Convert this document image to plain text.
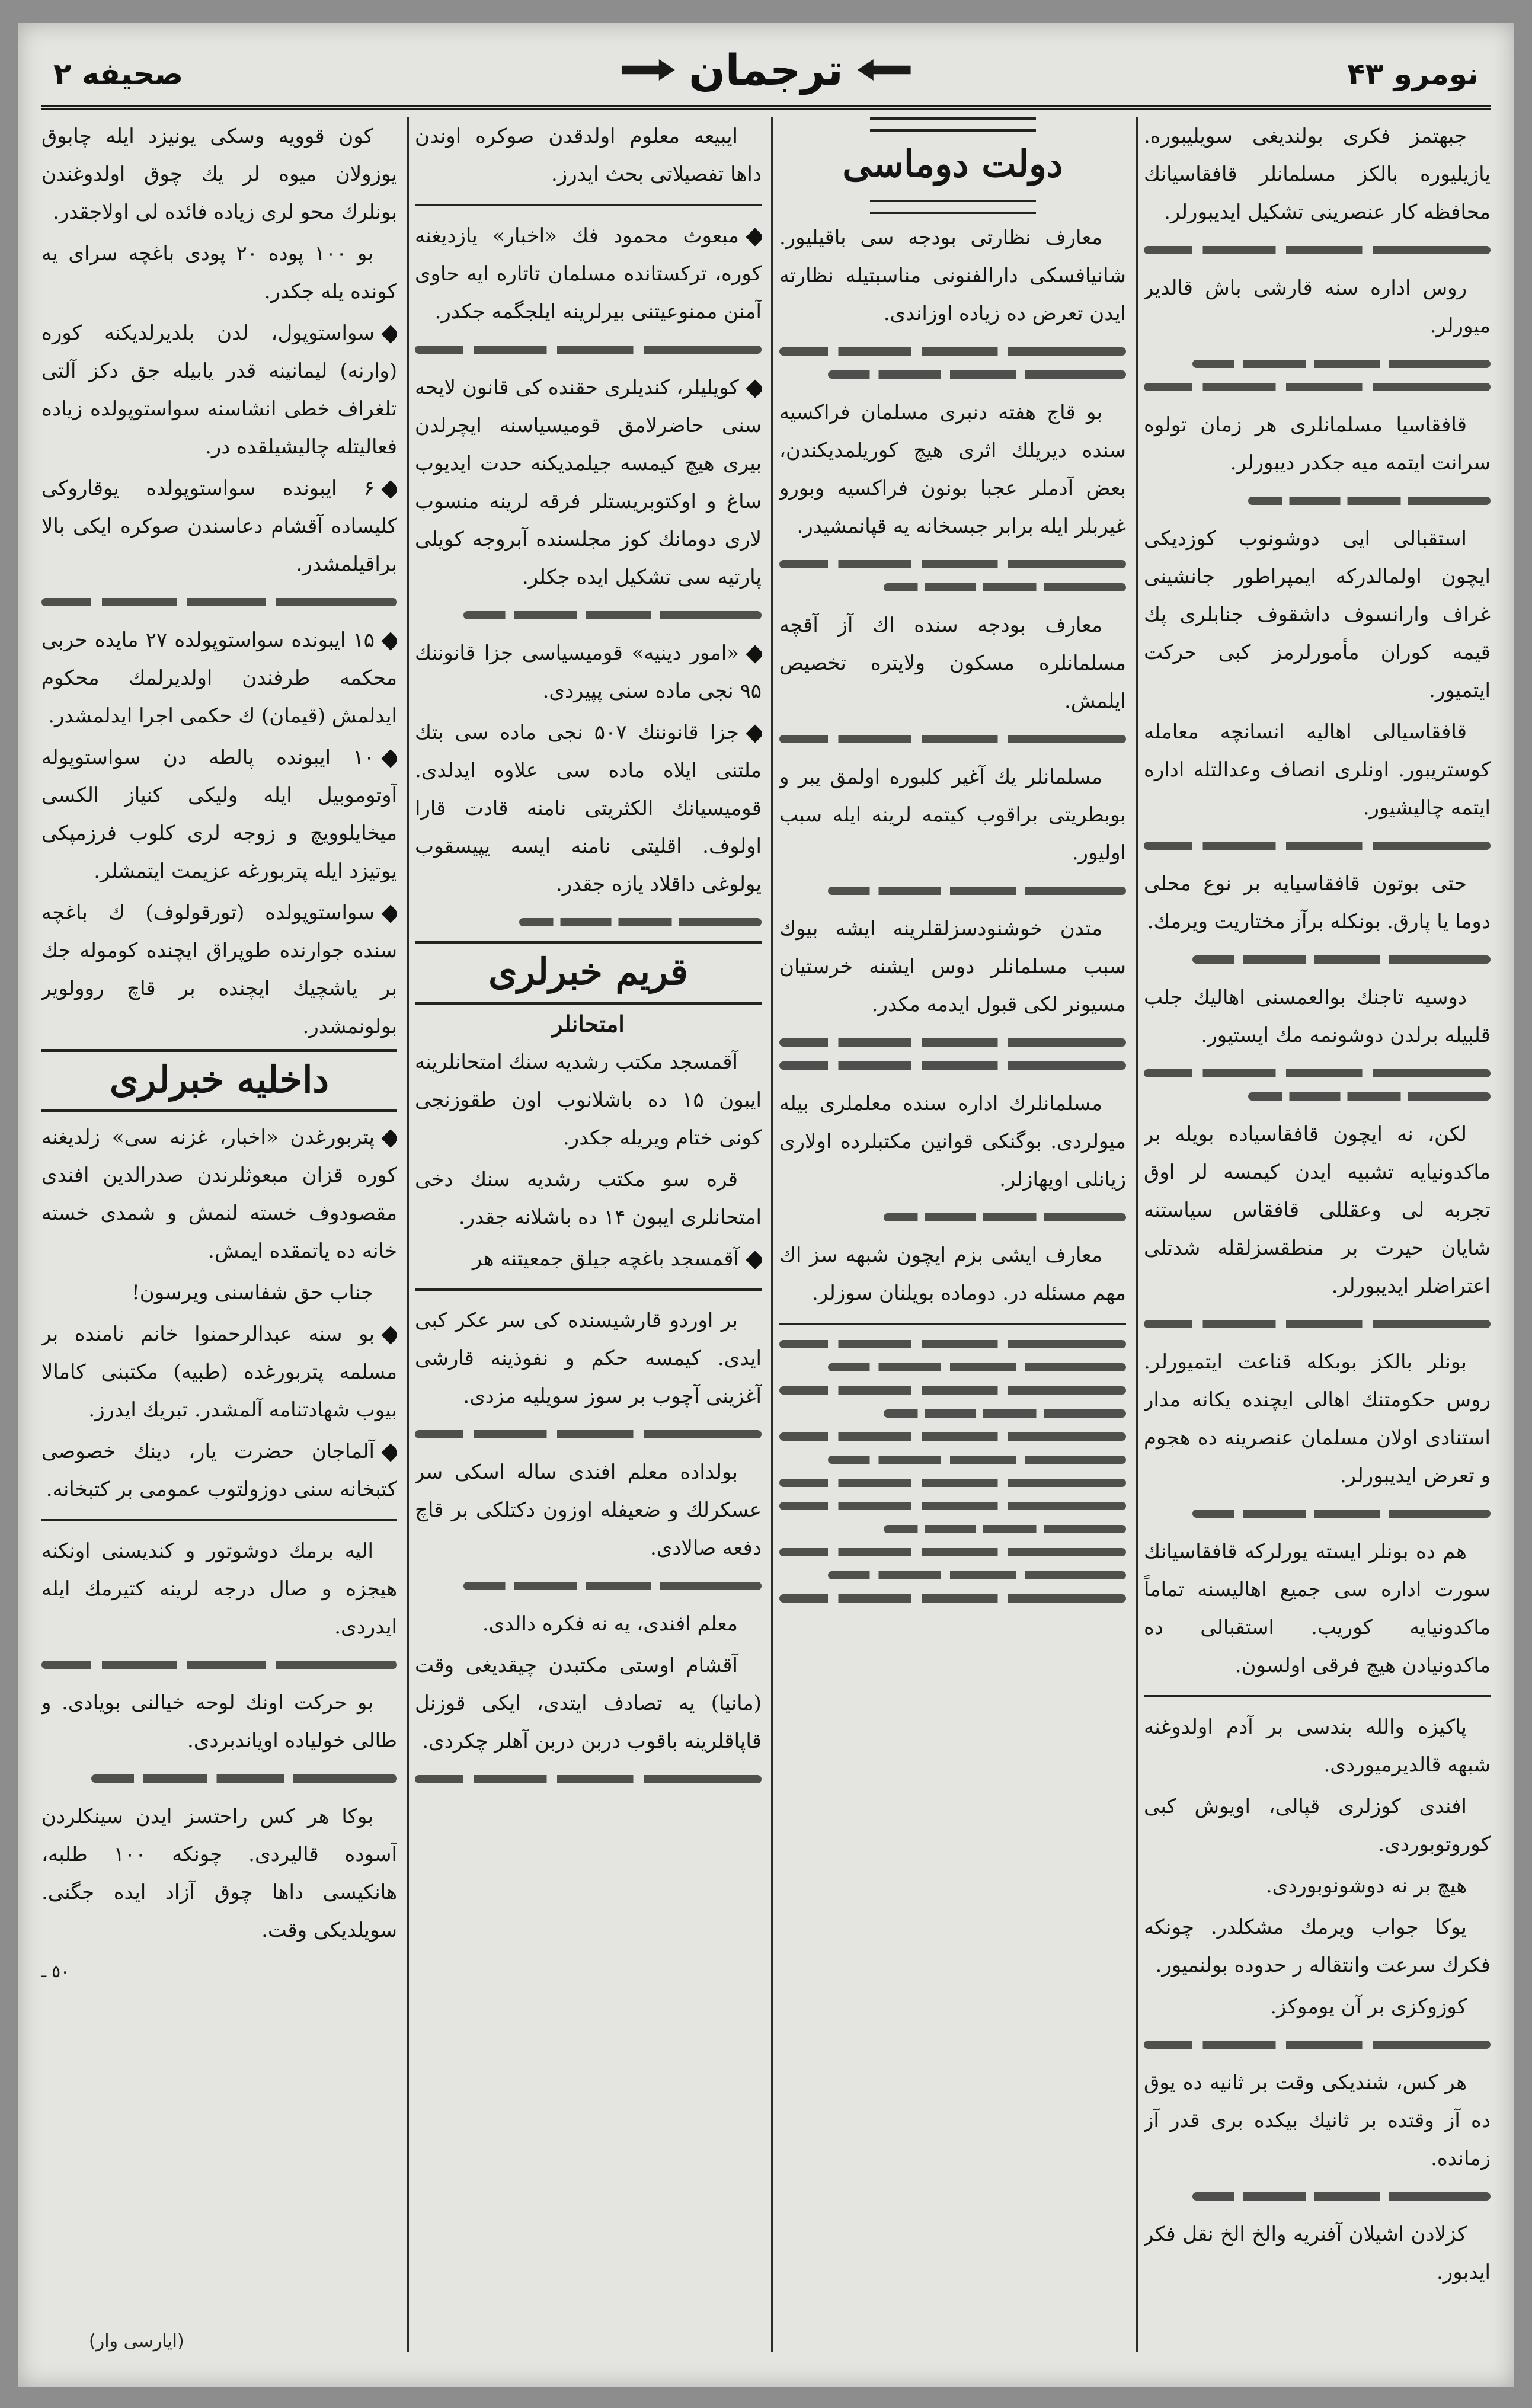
نومرو ۴۳
ترجمان
صحيفه ۲

جبهتمز فكرى بولنديغى سويليبوره. يازيليوره بالكز مسلمانلر قافقاسيانك محافظه كار عنصرينى تشكيل ايديبورلر.

روس اداره سنه قارشى باش قالدير ميورلر.

قافقاسيا مسلمانلرى هر زمان تولوه سرانت ايتمه ميه جكدر ديبورلر.

استقبالى ايى دوشونوب كوزديكى ايچون اولمالدركه ايمپراطور جانشينى غراف وارانسوف داشقوف جنابلرى پك قيمه كوران مأمورلرمز كبى حركت ايتميور.

قافقاسيالى اهاليه انسانچه معامله كوستريبور. اونلرى انصاف وعدالتله اداره ايتمه چاليشيور.

حتى بوتون قافقاسيايه بر نوع محلى دوما يا پارق. بونكله برآز مختاريت ويرمك.

دوسيه تاجنك بوالعمسنى اهاليك جلب قلبيله برلدن دوشونمه مك ايستيور.

لكن، نه ايچون قافقاسياده بويله بر ماكدونيايه تشبيه ايدن كيمسه لر اوق تجربه لى وعقللى قافقاس سياستنه شايان حيرت بر منطقسزلقله شدتلى اعتراضلر ايديبورلر.

بونلر بالكز بوبكله قناعت ايتميورلر. روس حكومتنك اهالى ايچنده يكانه مدار استنادى اولان مسلمان عنصرينه ده هجوم و تعرض ايديبورلر.

هم ده بونلر ايسته يورلركه قافقاسيانك سورت اداره سى جميع اهاليسنه تماماً ماكدونيايه كوريب. استقبالى ده ماكدونيادن هيچ فرقى اولسون.

پاكيزه والله بندسى بر آدم اولدوغنه شبهه قالديرميوردى.

افندى كوزلرى قپالى، اويوش كبى كوروتوبوردى.

هيچ بر نه دوشونوبوردى.

يوكا جواب ويرمك مشكلدر. چونكه فكرك سرعت وانتقاله ر حدوده بولنميور.

كوزوكزى بر آن يوموكز.

هر كس، شنديكى وقت بر ثانيه ده يوق ده آز وقتده بر ثانيك بيكده برى قدر آز زمانده.

كزلادن اشيلان آفنريه والخ الخ نقل فكر ايدبور.

دولت دوماسى

معارف نظارتى بودجه سى باقيليور. شانيافسكى دارالفنونى مناسبتيله نظارته ايدن تعرض ده زياده اوزاندى.

بو قاج هفته دنبرى مسلمان فراكسيه سنده ديريلك اثرى هيچ كوريلمديكندن، بعض آدملر عجبا بونون فراكسيه وبورو غيربلر ايله برابر جبسخانه يه قپانمشيدر.

معارف بودجه سنده اك آز آقچه مسلمانلره مسكون ولايتره تخصيص ايلمش.

مسلمانلر يك آغير كلبوره اولمق يبر و بوبطريتى براقوب كيتمه لرينه ايله سبب اوليور.

متدن خوشنودسزلقلرينه ايشه بيوك سبب مسلمانلر دوس ايشنه خرستيان مسيونر لكى قبول ايدمه مكدر.

مسلمانلرك اداره سنده معلملرى بيله ميولردى. بوگنكى قوانين مكتبلرده اولارى زيانلى اويهازلر.

معارف ايشى بزم ايچون شبهه سز اك مهم مسئله در. دوماده بويلنان سوزلر.

ايبيعه معلوم اولدقدن صوكره اوندن داها تفصيلاتى بحث ايدرز.

مبعوث محمود فك «اخبار» يازديغنه كوره، تركستانده مسلمان تاتاره ايه حاوى آمنن ممنوعيتنى بيرلرينه ايلجگمه جكدر.

كويليلر، كنديلرى حقنده كى قانون لايحه سنى حاضرلامق قوميسياسنه ايچرلدن بيرى هيچ كيمسه جيلمديكنه حدت ايديوب ساغ و اوكتوبريستلر فرقه لرينه منسوب لارى دومانك كوز مجلسنده آبروجه كويلى پارتيه سى تشكيل ايده جكلر.

«امور دينيه» قوميسياسى جزا قانوننك ۹۵ نجى ماده سنى پپيردى.

جزا قانوننك ۵۰۷ نجى ماده سى بتك ملتنى ايلاه ماده سى علاوه ايدلدى. قوميسيانك الكثريتى نامنه قادت قارا اولوف. اقليتى نامنه ايسه يپيسقوب يولوغى داقلاد يازه جقدر.

قريم خبرلرى
امتحانلر

آقمسجد مكتب رشديه سنك امتحانلرينه ايبون ۱۵ ده باشلانوب اون طقوزنجى كونى ختام ويريله جكدر.

قره سو مكتب رشديه سنك دخى امتحانلرى ايبون ۱۴ ده باشلانه جقدر.

آقمسجد باغچه جيلق جمعيتنه هر

بر اوردو قارشيسنده كى سر عكر كبى ايدى. كيمسه حكم و نفوذينه قارشى آغزينى آچوب بر سوز سويليه مزدى.

بولداده معلم افندى ساله اسكى سر عسكرلك و ضعيفله اوزون دكتلكى بر قاچ دفعه صالادى.

معلم افندى، يه نه فكره دالدى.

آقشام اوستى مكتبدن چيقديغى وقت (مانيا) يه تصادف ايتدى، ايكى قوزنل قاپاقلرينه باقوب دربن دربن آهلر چكردى.

كون قوويه وسكى يونيزد ايله چابوق يوزولان ميوه لر يك چوق اولدوغندن بونلرك محو لرى زياده فائده لى اولاجقدر.

بو ۱۰۰ پوده ۲۰ پودى باغچه سراى يه كونده يله جكدر.

سواستوپول، لدن بلديرلديكنه كوره (وارنه) ليمانينه قدر يابيله جق دكز آلتى تلغراف خطى انشاسنه سواستوپولده زياده فعاليتله چاليشيلقده در.

۶ ايبونده سواستوپولده يوقاروكى كليساده آقشام دعاسندن صوكره ايكى بالا براقيلمشدر.

۱۵ ايبونده سواستوپولده ۲۷ مايده حربى محكمه طرفندن اولديرلمك محكوم ايدلمش (قيمان) ك حكمى اجرا ايدلمشدر.

۱۰ ايبونده پالطه دن سواستوپوله آوتوموبيل ايله وليكى كنياز الكسى ميخايلوويچ و زوجه لرى كلوب فرزمپكى يوتيزد ايله پتربورغه عزيمت ايتمشلر.

سواستوپولده (تورقولوف) ك باغچه سنده جوارنده طوپراق ايچنده كوموله جك بر ياشچيك ايچنده بر قاچ روولوير بولونمشدر.

داخليه خبرلرى

پتربورغدن «اخبار، غزنه سى» زلديغنه كوره قزان مبعوثلرندن صدرالدين افندى مقصودوف خسته لنمش و شمدى خسته خانه ده ياتمقده ايمش.

جناب حق شفاسنى ويرسون!

بو سنه عبدالرحمنوا خانم نامنده بر مسلمه پتربورغده (طبيه) مكتبنى كامالا بيوب شهادتنامه آلمشدر. تبريك ايدرز.

آلماجان حضرت يار، دينك خصوصى كتبخانه سنى دوزولتوب عمومى بر كتبخانه.

اليه برمك دوشوتور و كنديسنى اونكنه هيجزه و صال درجه لرينه كتيرمك ايله ايدردى.

بو حركت اونك لوحه خيالنى بويادى. و طالى خولياده اوياندبردى.

بوكا هر كس راحتسز ايدن سينكلردن آسوده قاليردى. چونكه ۱۰۰ طلبه، هانكيسى داها چوق آزاد ايده جگنى. سويلديكى وقت.

٥٠ ـ

(ايارسى وار)
